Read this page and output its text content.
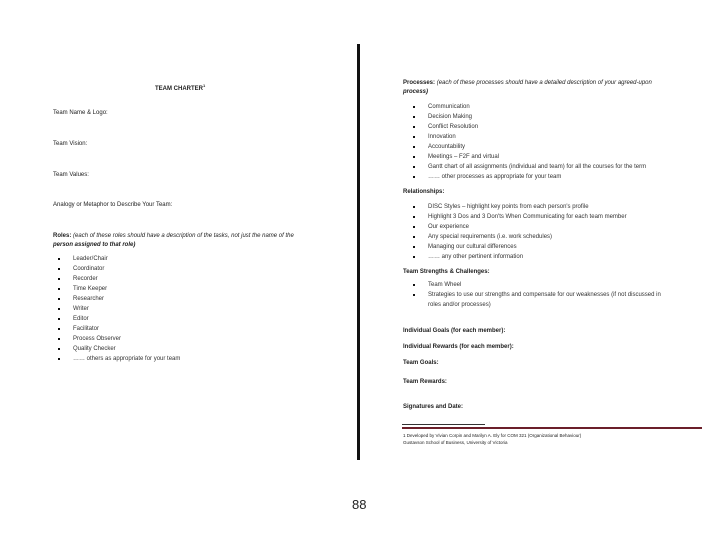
TEAM CHARTER$^1$
Team Name & Logo:
Team Vision:
Team Values:
Analogy or Metaphor to Describe Your Team:
Roles: (each of these roles should have a description of the tasks, not just the name of the
person assigned to that role)
Leader/Chair
Coordinator
Recorder
Time Keeper
Researcher
Writer
Editor
Facilitator
Process Observer
Quality Checker
…… others as appropriate for your team
Processes: (each of these processes should have a detailed description of your agreed-upon
process)
Communication
Decision Making
Conflict Resolution
Innovation
Accountability
Meetings – F2F and virtual
Gantt chart of all assignments (individual and team) for all the courses for the term
…… other processes as appropriate for your team
Relationships:
DISC Styles – highlight key points from each person's profile
Highlight 3 Dos and 3 Don'ts When Communicating for each team member
Our experience
Any special requirements (i.e. work schedules)
Managing our cultural differences
…… any other pertinent information
Team Strengths & Challenges:
Team Wheel
Strategies to use our strengths and compensate for our weaknesses (if not discussed in
roles and/or processes)
Individual Goals (for each member):
Individual Rewards (for each member):
Team Goals:
Team Rewards:
Signatures and Date:
1 Developed by Vivian Corpin and Marilyn A. Ely for COM 321 (Organizational Behaviour)
Gustavson School of Business, University of Victoria
88
